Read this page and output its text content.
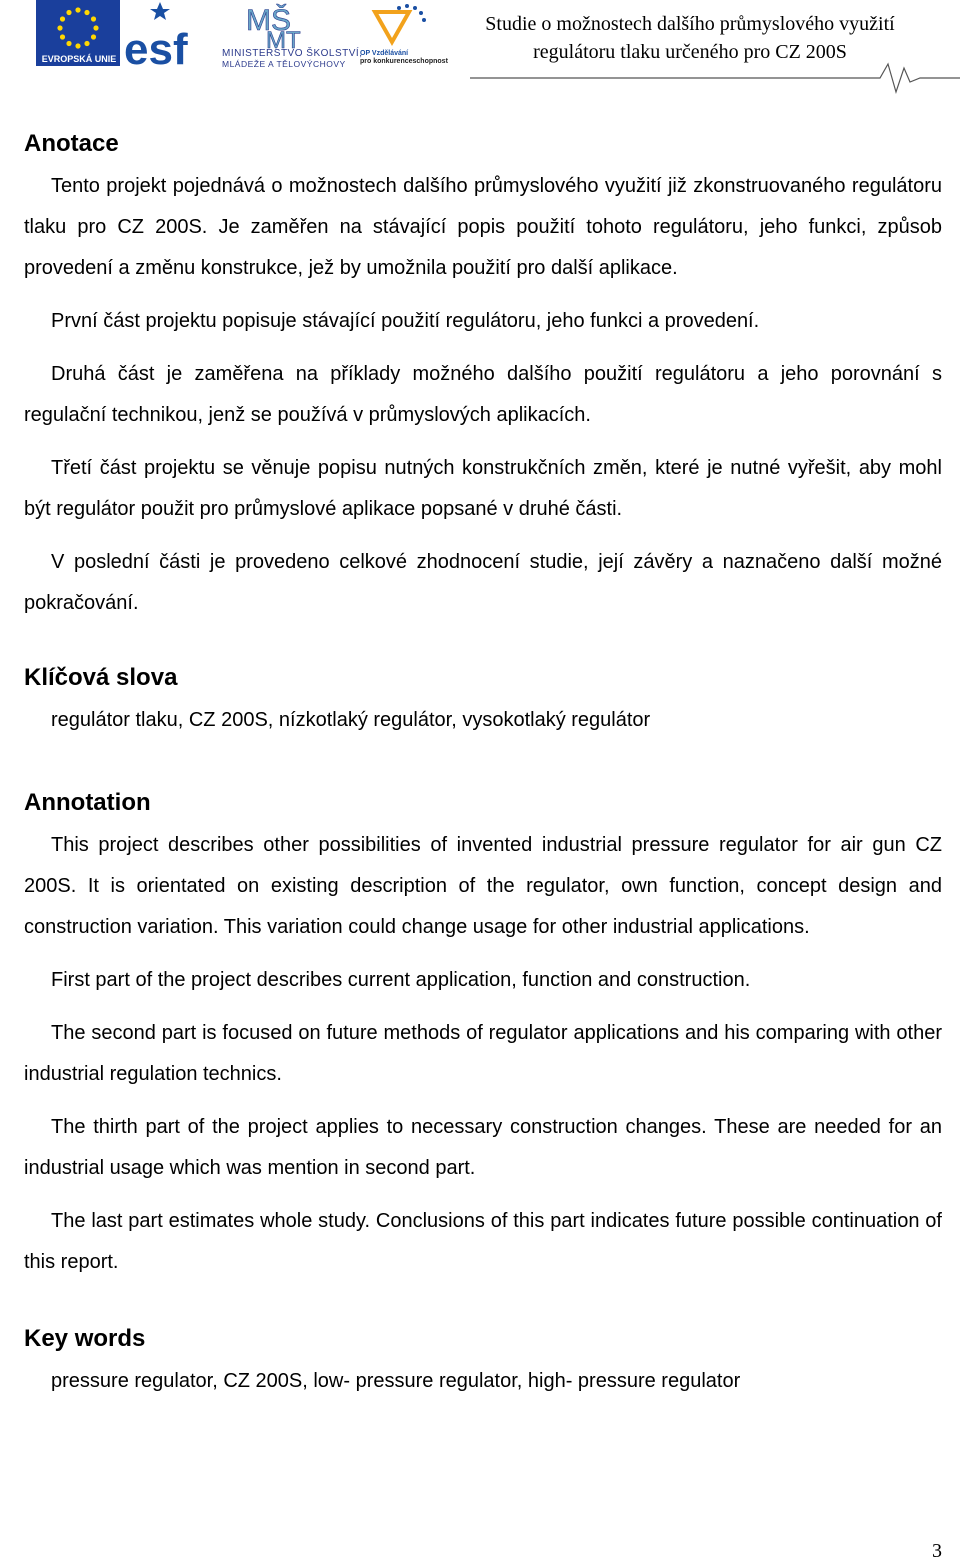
EVROPSKÁ UNIE esf
MŠ
MT
MINISTERSTVO ŠKOLSTVÍ,
MLÁDEŽE A TĚLOVÝCHOVY
OP Vzdělávání
pro konkurenceschopnost
Studie o možnostech dalšího průmyslového využití
regulátoru tlaku určeného pro CZ 200S
Anotace

Tento projekt pojednává o možnostech dalšího průmyslového využití již zkonstruovaného regulátoru tlaku pro CZ 200S. Je zaměřen na stávající popis použití tohoto regulátoru, jeho funkci, způsob provedení a změnu konstrukce, jež by umožnila použití pro další aplikace.

První část projektu popisuje stávající použití regulátoru, jeho funkci a provedení.

Druhá část je zaměřena na příklady možného dalšího použití regulátoru a jeho porovnání s regulační technikou, jenž se používá v průmyslových aplikacích.

Třetí část projektu se věnuje popisu nutných konstrukčních změn, které je nutné vyřešit, aby mohl být regulátor použit pro průmyslové aplikace popsané v druhé části.

V poslední části je provedeno celkové zhodnocení studie, její závěry a naznačeno další možné pokračování.

Klíčová slova

regulátor tlaku, CZ 200S, nízkotlaký regulátor, vysokotlaký regulátor

Annotation

This project describes other possibilities of invented industrial pressure regulator for air gun CZ 200S. It is orientated on existing description of the regulator, own function, concept design and construction variation. This variation could change usage for other industrial applications.

First part of the project describes current application, function and construction.

The second part is focused on future methods of regulator applications and his comparing with other industrial regulation technics.

The thirth part of the project applies to necessary construction changes. These are needed for an industrial usage which was mention in second part.

The last part estimates whole study. Conclusions of this part indicates future possible continuation of this report.

Key words

pressure regulator, CZ 200S, low- pressure regulator, high- pressure regulator

3
